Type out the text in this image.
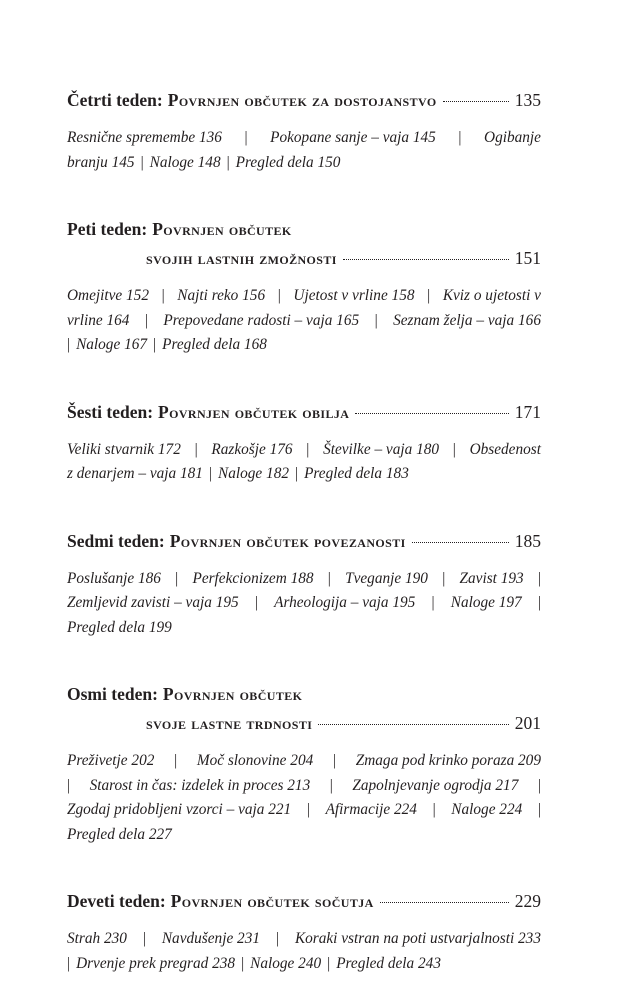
Četrti teden: Povrnjen občutek za dostojanstvo	135
Resnične spremembe 136 | Pokopane sanje – vaja 145 | Ogibanje
branju 145 | Naloge 148 | Pregled dela 150
Peti teden: Povrnjen občutek
svojih lastnih zmožnosti	151
Omejitve 152 | Najti reko 156 | Ujetost v vrline 158 | Kviz o ujetosti v
vrline 164 | Prepovedane radosti – vaja 165 | Seznam želja – vaja 166
| Naloge 167 | Pregled dela 168
Šesti teden: Povrnjen občutek obilja	171
Veliki stvarnik 172 | Razkošje 176 | Številke – vaja 180 | Obsedenost
z denarjem – vaja 181 | Naloge 182 | Pregled dela 183
Sedmi teden: Povrnjen občutek povezanosti	185
Poslušanje 186 | Perfekcionizem 188 | Tveganje 190 | Zavist 193 |
Zemljevid zavisti – vaja 195 | Arheologija – vaja 195 | Naloge 197 |
Pregled dela 199
Osmi teden: Povrnjen občutek
svoje lastne trdnosti	201
Preživetje 202 | Moč slonovine 204 | Zmaga pod krinko poraza 209
| Starost in čas: izdelek in proces 213 | Zapolnjevanje ogrodja 217 |
Zgodaj pridobljeni vzorci – vaja 221 | Afirmacije 224 | Naloge 224 |
Pregled dela 227
Deveti teden: Povrnjen občutek sočutja	229
Strah 230 | Navdušenje 231 | Koraki vstran na poti ustvarjalnosti 233
| Drvenje prek pregrad 238 | Naloge 240 | Pregled dela 243
